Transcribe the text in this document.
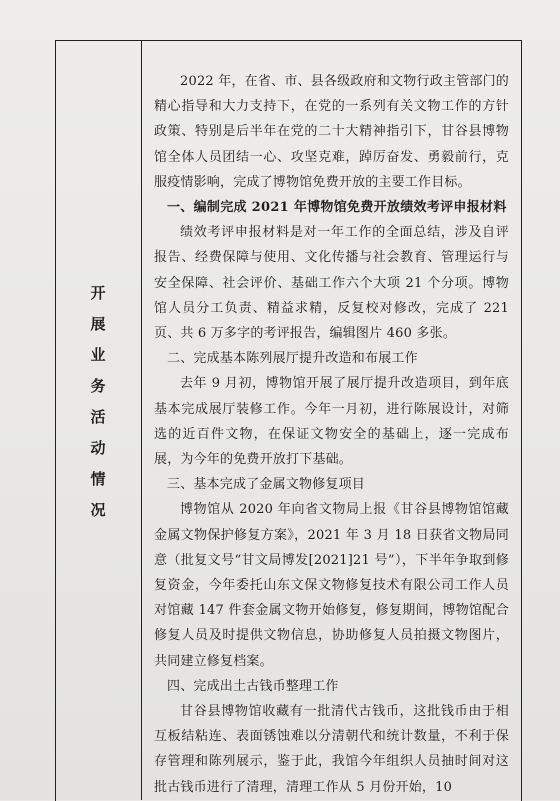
开
展
业
务
活
动
情
况

2022 年，在省、市、县各级政府和文物行政主管部门的精心指导和大力支持下，在党的一系列有关文物工作的方针政策、特别是后半年在党的二十大精神指引下，甘谷县博物馆全体人员团结一心、攻坚克难，踔厉奋发、勇毅前行，克服疫情影响，完成了博物馆免费开放的主要工作目标。

一、编制完成 2021 年博物馆免费开放绩效考评申报材料

绩效考评申报材料是对一年工作的全面总结，涉及自评报告、经费保障与使用、文化传播与社会教育、管理运行与安全保障、社会评价、基础工作六个大项 21 个分项。博物馆人员分工负责、精益求精，反复校对修改，完成了 221 页、共 6 万多字的考评报告，编辑图片 460 多张。

二、完成基本陈列展厅提升改造和布展工作

去年 9 月初，博物馆开展了展厅提升改造项目，到年底基本完成展厅装修工作。今年一月初，进行陈展设计，对筛选的近百件文物，在保证文物安全的基础上，逐一完成布展，为今年的免费开放打下基础。

三、基本完成了金属文物修复项目

博物馆从 2020 年向省文物局上报《甘谷县博物馆馆藏金属文物保护修复方案》，2021 年 3 月 18 日获省文物局同意（批复文号“甘文局博发[2021]21 号”），下半年争取到修复资金，今年委托山东文保文物修复技术有限公司工作人员对馆藏 147 件套金属文物开始修复，修复期间，博物馆配合修复人员及时提供文物信息，协助修复人员拍摄文物图片，共同建立修复档案。

四、完成出土古钱币整理工作

甘谷县博物馆收藏有一批清代古钱币，这批钱币由于相互板结粘连、表面锈蚀难以分清朝代和统计数量，不利于保存管理和陈列展示，鉴于此，我馆今年组织人员抽时间对这批古钱币进行了清理，清理工作从 5 月份开始，10
